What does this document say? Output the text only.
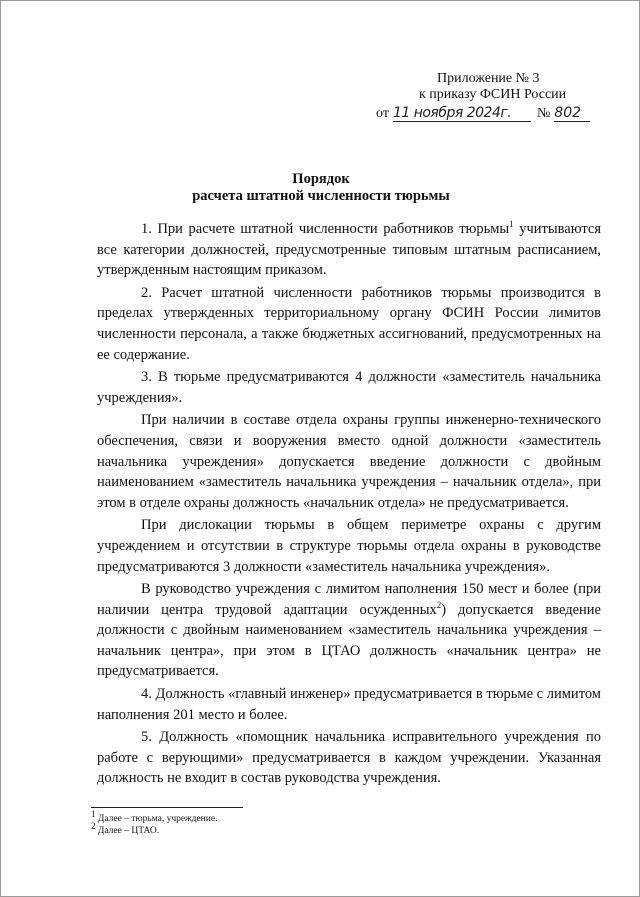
Приложение № 3
к приказу ФСИН России
от 11 ноября 2024г.	№ 802
Порядок
расчета штатной численности тюрьмы

1. При расчете штатной численности работников тюрьмы$^1$ учитываются все категории должностей, предусмотренные типовым штатным расписанием, утвержденным настоящим приказом.

2. Расчет штатной численности работников тюрьмы производится в пределах утвержденных территориальному органу ФСИН России лимитов численности персонала, а также бюджетных ассигнований, предусмотренных на ее содержание.

3. В тюрьме предусматриваются 4 должности «заместитель начальника учреждения».

При наличии в составе отдела охраны группы инженерно-технического обеспечения, связи и вооружения вместо одной должности «заместитель начальника учреждения» допускается введение должности с двойным наименованием «заместитель начальника учреждения – начальник отдела», при этом в отделе охраны должность «начальник отдела» не предусматривается.

При дислокации тюрьмы в общем периметре охраны с другим учреждением и отсутствии в структуре тюрьмы отдела охраны в руководстве предусматриваются 3 должности «заместитель начальника учреждения».

В руководство учреждения с лимитом наполнения 150 мест и более (при наличии центра трудовой адаптации осужденных$^2$) допускается введение должности с двойным наименованием «заместитель начальника учреждения – начальник центра», при этом в ЦТАО должность «начальник центра» не предусматривается.

4. Должность «главный инженер» предусматривается в тюрьме с лимитом наполнения 201 место и более.

5. Должность «помощник начальника исправительного учреждения по работе с верующими» предусматривается в каждом учреждении. Указанная должность не входит в состав руководства учреждения.

$^1$ Далее – тюрьма, учреждение.
$^2$ Далее – ЦТАО.
